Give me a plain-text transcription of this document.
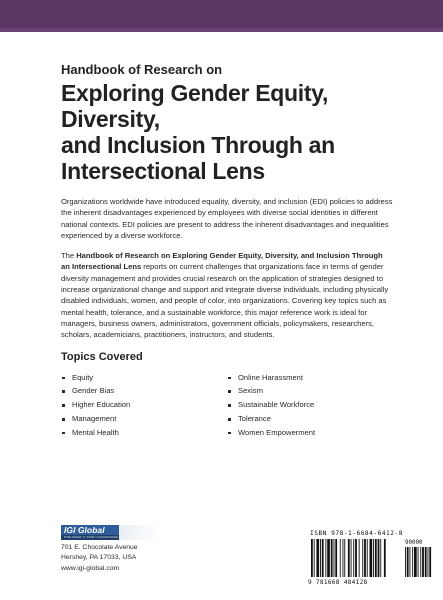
Handbook of Research on
Exploring Gender Equity, Diversity,
and Inclusion Through an
Intersectional Lens

Organizations worldwide have introduced equality, diversity, and inclusion (EDI) policies to address the inherent disadvantages experienced by employees with diverse social identities in different national contexts. EDI policies are present to address the inherent disadvantages and inequalities experienced by a diverse workforce.

The Handbook of Research on Exploring Gender Equity, Diversity, and Inclusion Through an Intersectional Lens reports on current challenges that organizations face in terms of gender diversity management and provides crucial research on the application of strategies designed to increase organizational change and support and integrate diverse individuals, including physically disabled individuals, women, and people of color, into organizations. Covering key topics such as mental health, tolerance, and a sustainable workforce, this major reference work is ideal for managers, business owners, administrators, government officials, policymakers, researchers, scholars, academicians, practitioners, instructors, and students.

Topics Covered
Equity
Gender Bias
Higher Education
Management
Mental Health
Online Harassment
Sexism
Sustainable Workforce
Tolerance
Women Empowerment
IGI Global
PUBLISHER of TIMELY KNOWLEDGE
701 E. Chocolate Avenue
Hershey, PA 17033, USA
www.igi-global.com
ISBN 978-1-6684-6412-8
90000
9 781668 484128
